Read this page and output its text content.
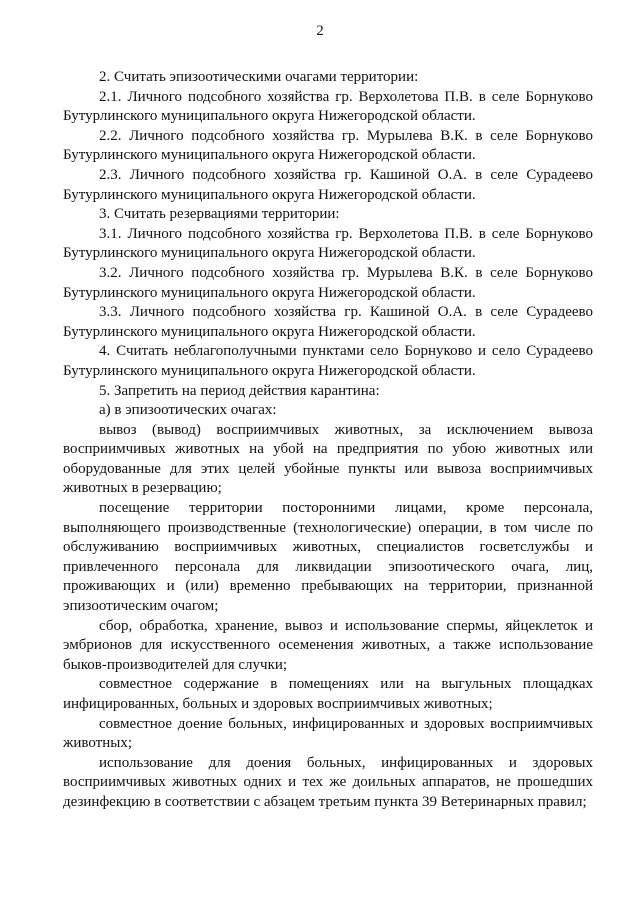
2

2. Считать эпизоотическими очагами территории:

2.1. Личного подсобного хозяйства гр. Верхолетова П.В. в селе Борнуково Бутурлинского муниципального округа Нижегородской области.

2.2. Личного подсобного хозяйства гр. Мурылева В.К. в селе Борнуково Бутурлинского муниципального округа Нижегородской области.

2.3. Личного подсобного хозяйства гр. Кашиной О.А. в селе Сурадеево Бутурлинского муниципального округа Нижегородской области.

3. Считать резервациями территории:

3.1. Личного подсобного хозяйства гр. Верхолетова П.В. в селе Борнуково Бутурлинского муниципального округа Нижегородской области.

3.2. Личного подсобного хозяйства гр. Мурылева В.К. в селе Борнуково Бутурлинского муниципального округа Нижегородской области.

3.3. Личного подсобного хозяйства гр. Кашиной О.А. в селе Сурадеево Бутурлинского муниципального округа Нижегородской области.

4. Считать неблагополучными пунктами село Борнуково и село Сурадеево Бутурлинского муниципального округа Нижегородской области.

5. Запретить на период действия карантина:

а) в эпизоотических очагах:

вывоз (вывод) восприимчивых животных, за исключением вывоза восприимчивых животных на убой на предприятия по убою животных или оборудованные для этих целей убойные пункты или вывоза восприимчивых животных в резервацию;

посещение территории посторонними лицами, кроме персонала, выполняющего производственные (технологические) операции, в том числе по обслуживанию восприимчивых животных, специалистов госветслужбы и привлеченного персонала для ликвидации эпизоотического очага, лиц, проживающих и (или) временно пребывающих на территории, признанной эпизоотическим очагом;

сбор, обработка, хранение, вывоз и использование спермы, яйцеклеток и эмбрионов для искусственного осеменения животных, а также использование быков-производителей для случки;

совместное содержание в помещениях или на выгульных площадках инфицированных, больных и здоровых восприимчивых животных;

совместное доение больных, инфицированных и здоровых восприимчивых животных;

использование для доения больных, инфицированных и здоровых восприимчивых животных одних и тех же доильных аппаратов, не прошедших дезинфекцию в соответствии с абзацем третьим пункта 39 Ветеринарных правил;
